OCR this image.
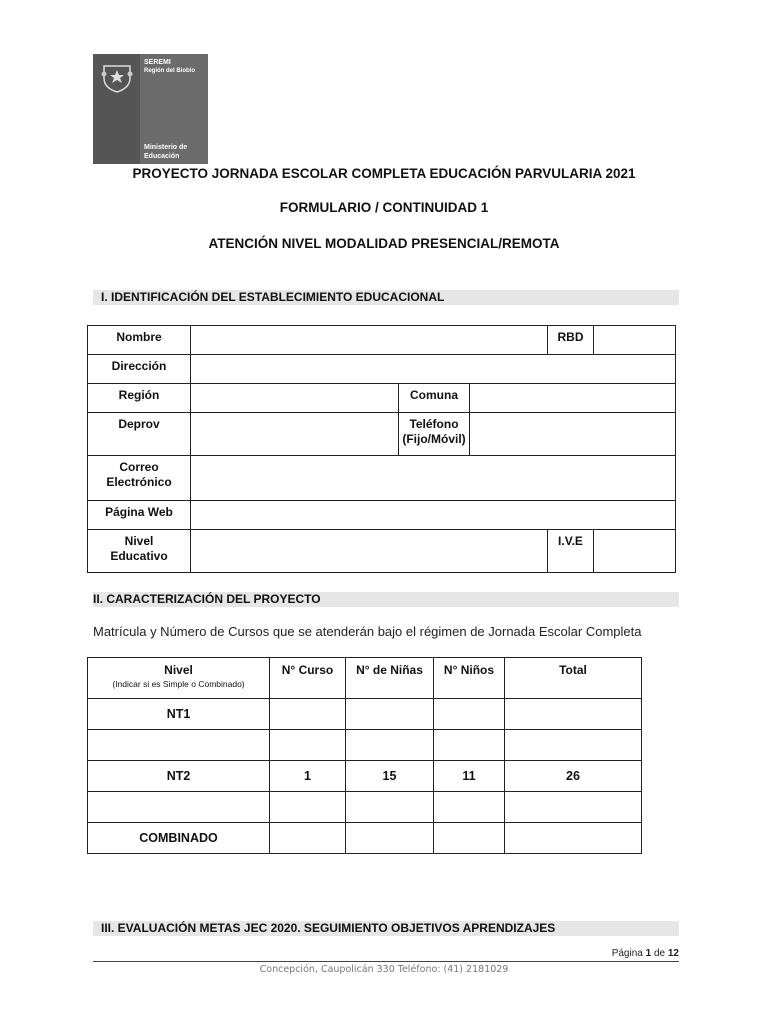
SEREMI
Región del Biobío
Ministerio de
Educación
PROYECTO JORNADA ESCOLAR COMPLETA EDUCACIÓN PARVULARIA 2021
FORMULARIO / CONTINUIDAD 1
ATENCIÓN NIVEL MODALIDAD PRESENCIAL/REMOTA
I. IDENTIFICACIÓN DEL ESTABLECIMIENTO EDUCACIONAL
Nombre				RBD	
Dirección					
Región		Comuna			
Deprov		Teléfono
(Fijo/Móvil)			

Correo
Electrónico					

Página Web					

Nivel
Educativo				I.V.E	
II. CARACTERIZACIÓN DEL PROYECTO
Matrícula y Número de Cursos que se atenderán bajo el régimen de Jornada Escolar Completa
Nivel
(Indicar si es Simple o Combinado)	N° Curso	N° de Niñas	N° Niños	Total
NT1				

NT2	1	15	11	26

COMBINADO				
III. EVALUACIÓN METAS JEC 2020. SEGUIMIENTO OBJETIVOS APRENDIZAJES
Página 1 de 12
Concepción, Caupolicán 330 Teléfono: (41) 2181029
